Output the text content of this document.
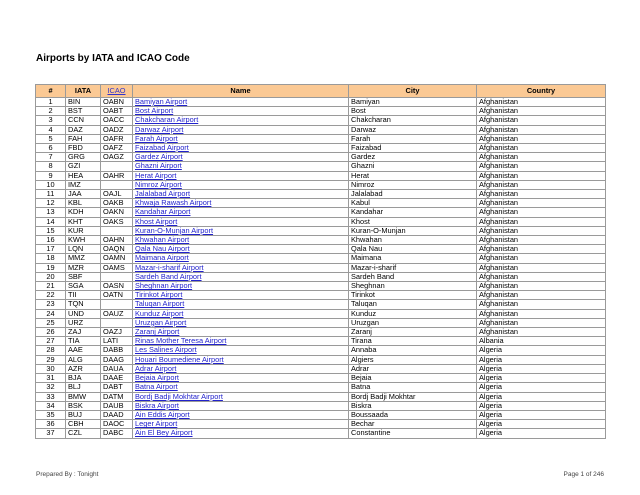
Airports by IATA and ICAO Code
#	IATA	ICAO	Name	City	Country
1	BIN	OABN	Bamiyan Airport	Bamiyan	Afghanistan
2	BST	OABT	Bost Airport	Bost	Afghanistan
3	CCN	OACC	Chakcharan Airport	Chakcharan	Afghanistan
4	DAZ	OADZ	Darwaz Airport	Darwaz	Afghanistan
5	FAH	OAFR	Farah Airport	Farah	Afghanistan
6	FBD	OAFZ	Faizabad Airport	Faizabad	Afghanistan
7	GRG	OAGZ	Gardez Airport	Gardez	Afghanistan
8	GZI		Ghazni Airport	Ghazni	Afghanistan
9	HEA	OAHR	Herat Airport	Herat	Afghanistan
10	IMZ		Nimroz Airport	Nimroz	Afghanistan
11	JAA	OAJL	Jalalabad Airport	Jalalabad	Afghanistan
12	KBL	OAKB	Khwaja Rawash Airport	Kabul	Afghanistan
13	KDH	OAKN	Kandahar Airport	Kandahar	Afghanistan
14	KHT	OAKS	Khost Airport	Khost	Afghanistan
15	KUR		Kuran-O-Munjan Airport	Kuran-O-Munjan	Afghanistan
16	KWH	OAHN	Khwahan Airport	Khwahan	Afghanistan
17	LQN	OAQN	Qala Nau Airport	Qala Nau	Afghanistan
18	MMZ	OAMN	Maimana Airport	Maimana	Afghanistan
19	MZR	OAMS	Mazar-i-sharif Airport	Mazar-i-sharif	Afghanistan
20	SBF		Sardeh Band Airport	Sardeh Band	Afghanistan
21	SGA	OASN	Sheghnan Airport	Sheghnan	Afghanistan
22	TII	OATN	Tirinkot Airport	Tirinkot	Afghanistan
23	TQN		Taluqan Airport	Taluqan	Afghanistan
24	UND	OAUZ	Kunduz Airport	Kunduz	Afghanistan
25	URZ		Uruzgan Airport	Uruzgan	Afghanistan
26	ZAJ	OAZJ	Zaranj Airport	Zaranj	Afghanistan
27	TIA	LATI	Rinas Mother Teresa Airport	Tirana	Albania
28	AAE	DABB	Les Salines Airport	Annaba	Algeria
29	ALG	DAAG	Houari Boumediene Airport	Algiers	Algeria
30	AZR	DAUA	Adrar Airport	Adrar	Algeria
31	BJA	DAAE	Bejaia Airport	Bejaia	Algeria
32	BLJ	DABT	Batna Airport	Batna	Algeria
33	BMW	DATM	Bordj Badji Mokhtar Airport	Bordj Badji Mokhtar	Algeria
34	BSK	DAUB	Biskra Airport	Biskra	Algeria
35	BUJ	DAAD	Ain Eddis Airport	Boussaada	Algeria
36	CBH	DAOC	Leger Airport	Bechar	Algeria
37	CZL	DABC	Ain El Bey Airport	Constantine	Algeria
Prepared By : Tonight	Page 1 of 246
